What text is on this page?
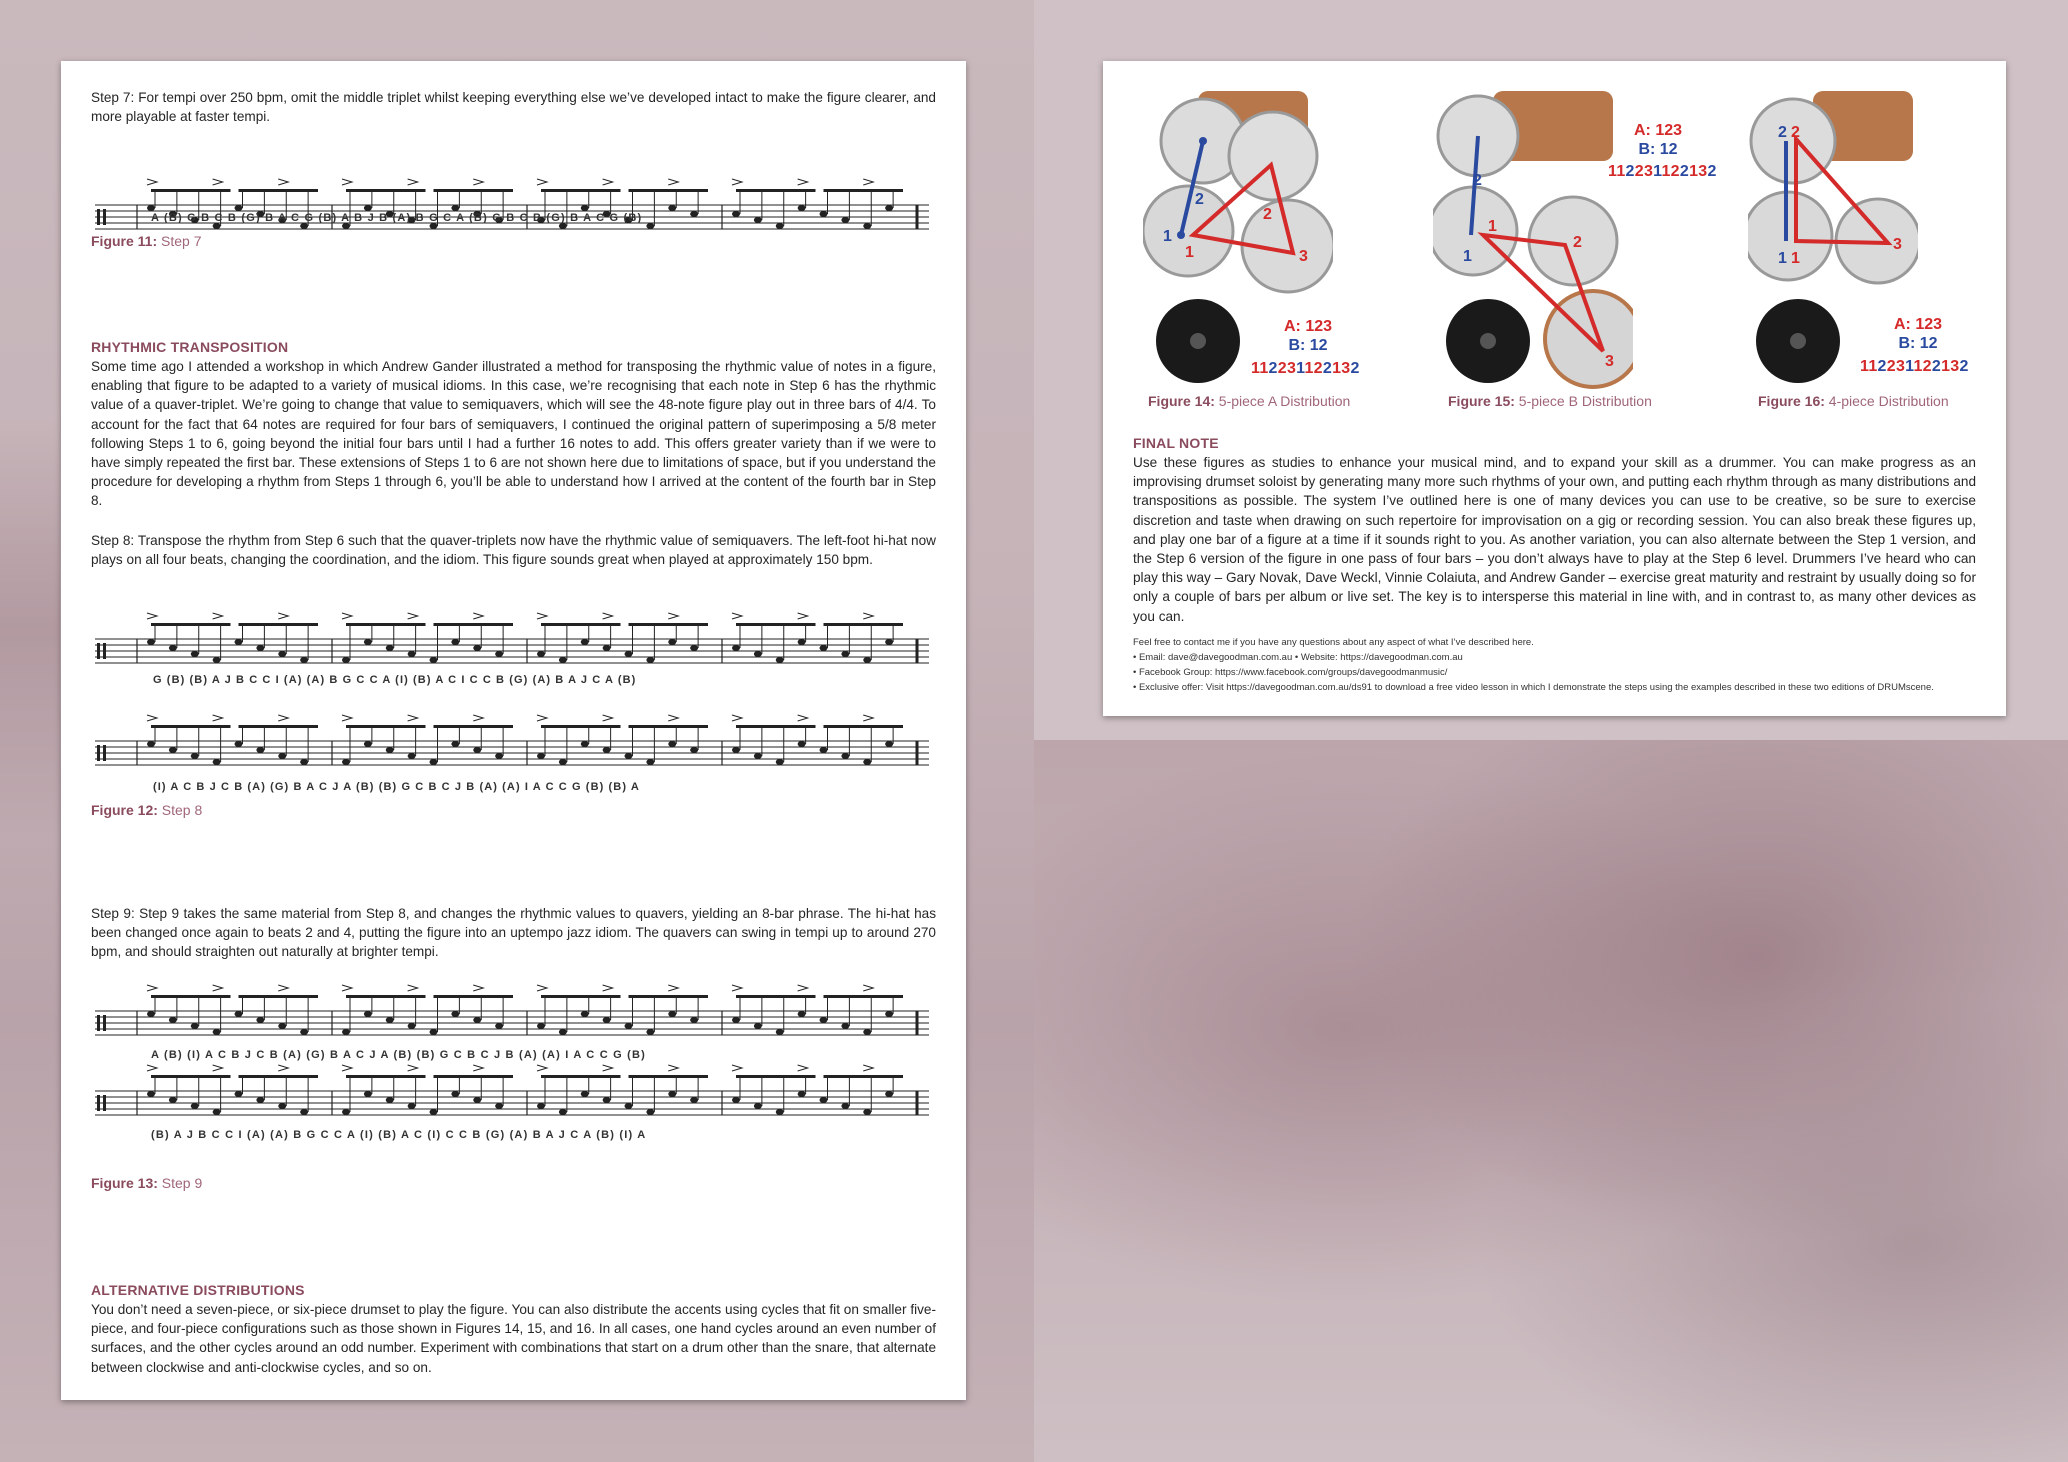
Step 7: For tempi over 250 bpm, omit the middle triplet whilst keeping everything else we’ve developed intact to make the figure clearer, and more playable at faster tempi.

A (B) G B C B (G) B A C G (B) A B J B (A) B G C A (B) G B C B (G) B A C G (B)

Figure 11: Step 7

RHYTHMIC TRANSPOSITION

Some time ago I attended a workshop in which Andrew Gander illustrated a method for transposing the rhythmic value of notes in a figure, enabling that figure to be adapted to a variety of musical idioms. In this case, we’re recognising that each note in Step 6 has the rhythmic value of a quaver-triplet. We’re going to change that value to semiquavers, which will see the 48-note figure play out in three bars of 4/4. To account for the fact that 64 notes are required for four bars of semiquavers, I continued the original pattern of superimposing a 5/8 meter following Steps 1 to 6, going beyond the initial four bars until I had a further 16 notes to add. This offers greater variety than if we were to have simply repeated the first bar. These extensions of Steps 1 to 6 are not shown here due to limitations of space, but if you understand the procedure for developing a rhythm from Steps 1 through 6, you’ll be able to understand how I arrived at the content of the fourth bar in Step 8.

Step 8: Transpose the rhythm from Step 6 such that the quaver-triplets now have the rhythmic value of semiquavers. The left-foot hi-hat now plays on all four beats, changing the coordination, and the idiom. This figure sounds great when played at approximately 150 bpm.

G (B) (B) A J B C C I (A) (A) B G C C A (I) (B) A C I C C B (G) (A) B A J C A (B)
(I) A C B J C B (A) (G) B A C J A (B) (B) G C B C J B (A) (A) I A C C G (B) (B) A

Figure 12: Step 8

Step 9: Step 9 takes the same material from Step 8, and changes the rhythmic values to quavers, yielding an 8-bar phrase. The hi-hat has been changed once again to beats 2 and 4, putting the figure into an uptempo jazz idiom. The quavers can swing in tempi up to around 270 bpm, and should straighten out naturally at brighter tempi.

A (B) (I) A C B J C B (A) (G) B A C J A (B) (B) G C B C J B (A) (A) I A C C G (B)
(B) A J B C C I (A) (A) B G C C A (I) (B) A C (I) C C B (G) (A) B A J C A (B) (I) A

Figure 13: Step 9

ALTERNATIVE DISTRIBUTIONS

You don’t need a seven-piece, or six-piece drumset to play the figure. You can also distribute the accents using cycles that fit on smaller five-piece, and four-piece configurations such as those shown in Figures 14, 15, and 16. In all cases, one hand cycles around an even number of surfaces, and the other cycles around an odd number. Experiment with combinations that start on a drum other than the snare, that alternate between clockwise and anti-clockwise cycles, and so on.

2
2
1
1	3
A: 123
B: 12
112231122132

Figure 14: 5-piece A Distribution

2
1
1
2
3
A: 123
B: 12
112231122132

Figure 15: 5-piece B Distribution

2 2
1 1
3
A: 123
B: 12
112231122132

Figure 16: 4-piece Distribution

FINAL NOTE

Use these figures as studies to enhance your musical mind, and to expand your skill as a drummer. You can make progress as an improvising drumset soloist by generating many more such rhythms of your own, and putting each rhythm through as many distributions and transpositions as possible. The system I’ve outlined here is one of many devices you can use to be creative, so be sure to exercise discretion and taste when drawing on such repertoire for improvisation on a gig or recording session. You can also break these figures up, and play one bar of a figure at a time if it sounds right to you. As another variation, you can also alternate between the Step 1 version, and the Step 6 version of the figure in one pass of four bars – you don’t always have to play at the Step 6 level. Drummers I’ve heard who can play this way – Gary Novak, Dave Weckl, Vinnie Colaiuta, and Andrew Gander – exercise great maturity and restraint by usually doing so for only a couple of bars per album or live set. The key is to intersperse this material in line with, and in contrast to, as many other devices as you can.

Feel free to contact me if you have any questions about any aspect of what I’ve described here.

• Email: dave@davegoodman.com.au • Website: https://davegoodman.com.au

• Facebook Group: https://www.facebook.com/groups/davegoodmanmusic/

• Exclusive offer: Visit https://davegoodman.com.au/ds91 to download a free video lesson in which I demonstrate the steps using the examples described in these two editions of DRUMscene.
